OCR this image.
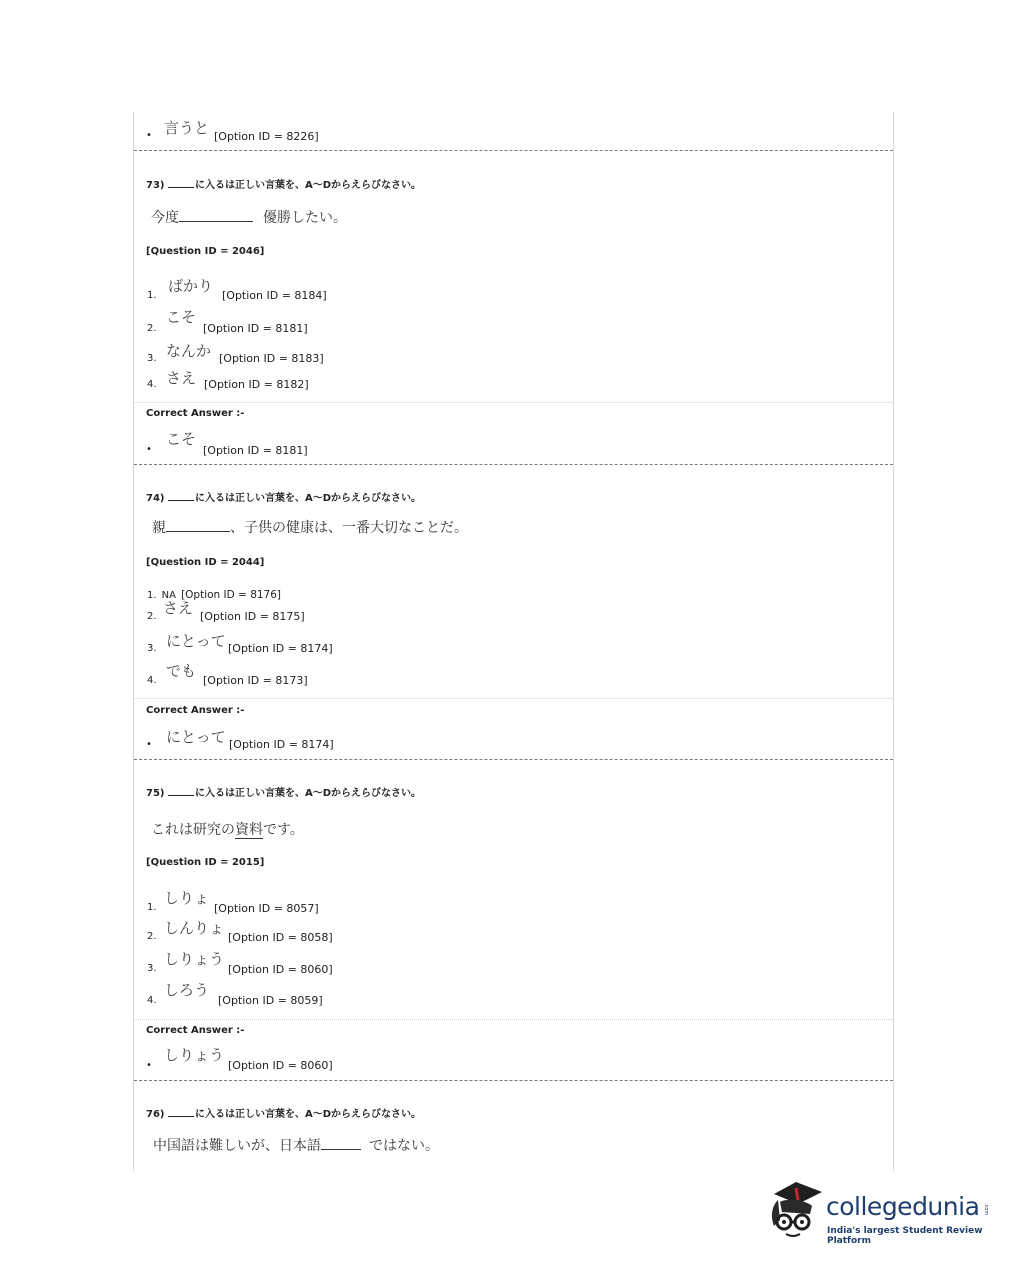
• 言うと [Option ID = 8226]
73)	に入るは正しい言葉を、A～Dからえらびなさい。
今度	優勝したい。
[Question ID = 2046]
1.
ばかり
[Option ID = 8184]
2.
こそ
[Option ID = 8181]
3. なんか [Option ID = 8183]
4. さえ [Option ID = 8182]
Correct Answer :-
•
こそ
[Option ID = 8181]
74)	に入るは正しい言葉を、A～Dからえらびなさい。
親	、子供の健康は、一番大切なことだ。
[Question ID = 2044]
1. NA [Option ID = 8176]
2. さえ [Option ID = 8175]
3. にとって [Option ID = 8174]
4.
でも
[Option ID = 8173]
Correct Answer :-
• にとって [Option ID = 8174]
75)	に入るは正しい言葉を、A～Dからえらびなさい。
これは研究の資料です。
[Question ID = 2015]
1.
しりょ
[Option ID = 8057]
2. しんりょ
[Option ID = 8058]
3.
しりょう
[Option ID = 8060]
4.
しろう
[Option ID = 8059]
Correct Answer :-
•
しりょう
[Option ID = 8060]
76)	に入るは正しい言葉を、A～Dからえらびなさい。
中国語は難しいが、日本語	ではない。
collegedunia .com
India's largest Student Review Platform
